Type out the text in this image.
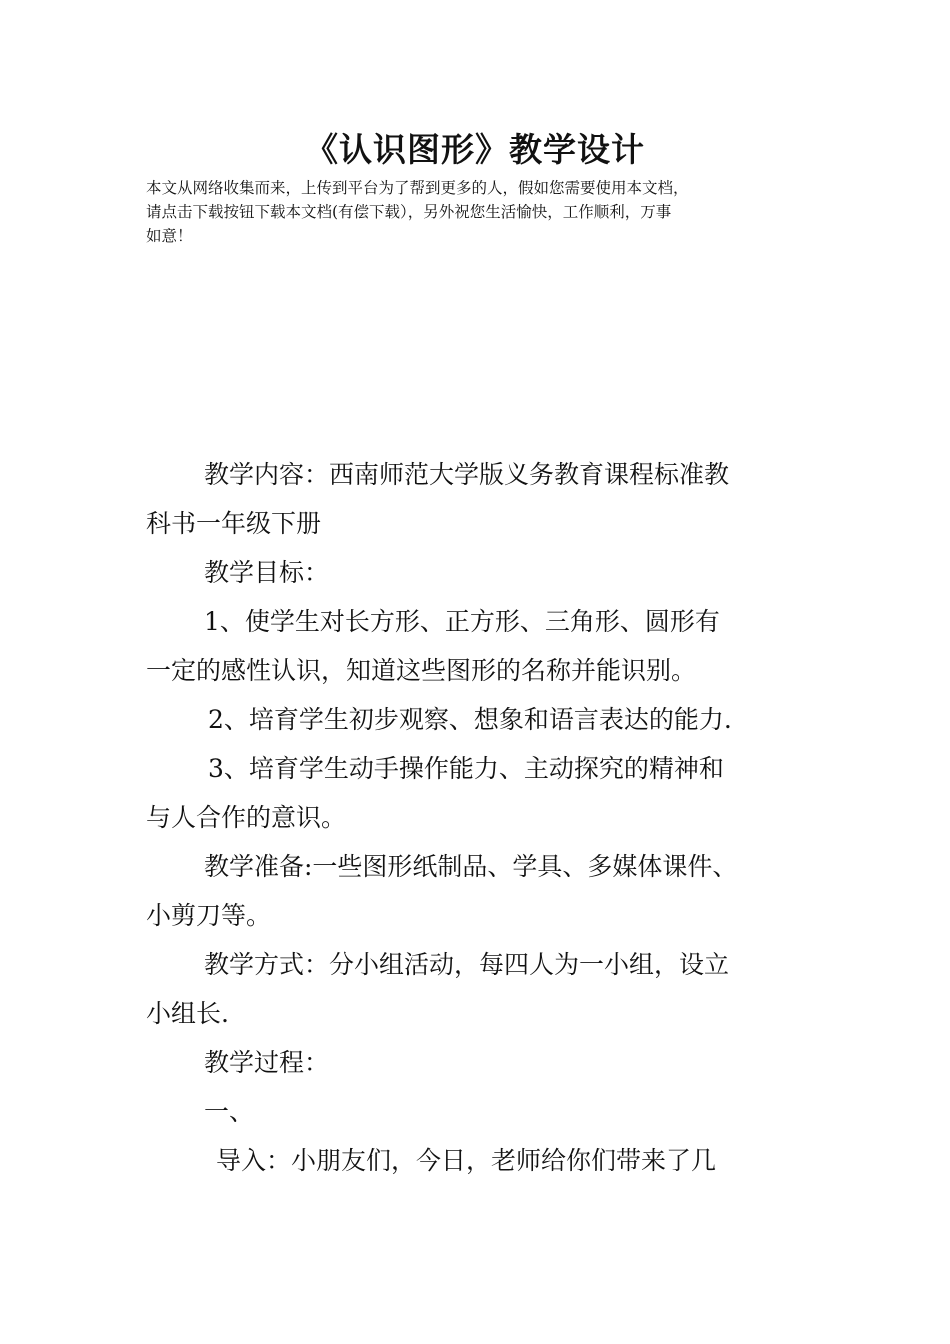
《认识图形》教学设计
本文从网络收集而来，上传到平台为了帮到更多的人，假如您需要使用本文档，
请点击下载按钮下载本文档(有偿下载），另外祝您生活愉快，工作顺利，万事
如意！

教学内容：西南师范大学版义务教育课程标准教

科书一年级下册

教学目标：

1、使学生对长方形、正方形、三角形、圆形有

一定的感性认识，知道这些图形的名称并能识别。

2、培育学生初步观察、想象和语言表达的能力.

3、培育学生动手操作能力、主动探究的精神和

与人合作的意识。

教学准备:一些图形纸制品、学具、多媒体课件、

小剪刀等。

教学方式：分小组活动，每四人为一小组，设立

小组长.

教学过程：

一、

导入：小朋友们，今日，老师给你们带来了几
